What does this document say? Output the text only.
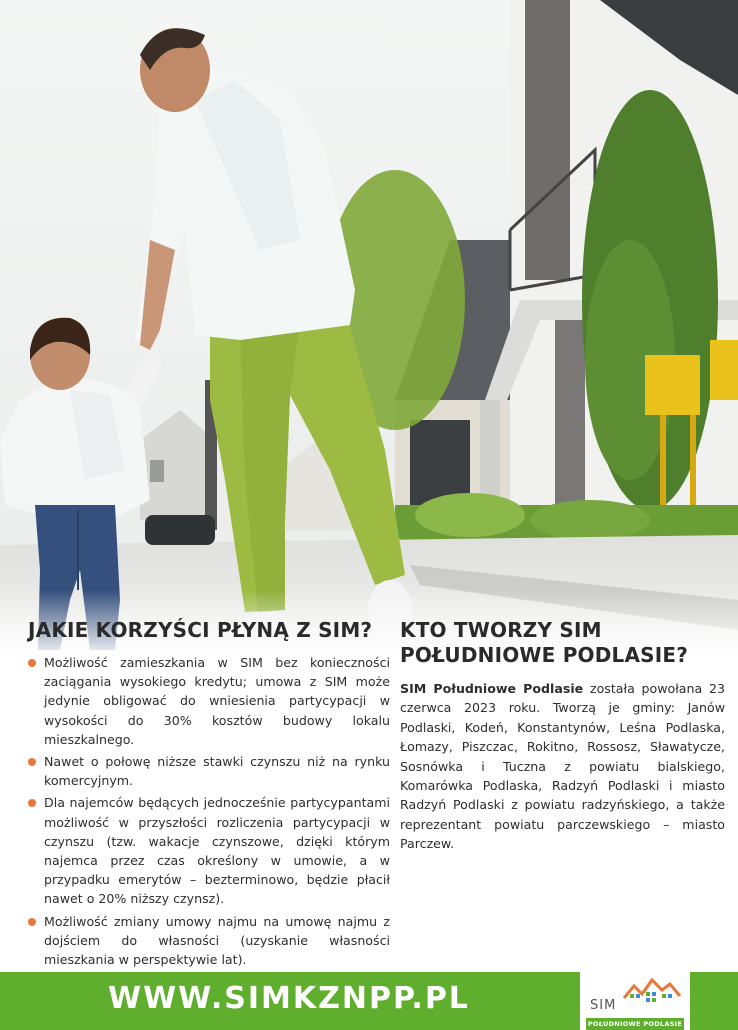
JAKIE KORZYŚCI PŁYNĄ Z SIM?
Możliwość zamieszkania w SIM bez konieczności zaciągania wysokiego kredytu; umowa z SIM może jedynie obligować do wniesienia partycypacji w wysokości do 30% kosztów budowy lokalu mieszkalnego.
Nawet o połowę niższe stawki czynszu niż na rynku komercyjnym.
Dla najemców będących jednocześnie partycypantami możliwość w przyszłości rozliczenia partycypacji w czynszu (tzw. wakacje czynszowe, dzięki którym najemca przez czas określony w umowie, a w przypadku emerytów – bezterminowo, będzie płacił nawet o 20% niższy czynsz).
Możliwość zmiany umowy najmu na umowę najmu z dojściem do własności (uzyskanie własności mieszkania w perspektywie lat).
KTO TWORZY SIM
POŁUDNIOWE PODLASIE?

SIM Południowe Podlasie została powołana 23 czerwca 2023 roku. Tworzą je gminy: Janów Podlaski, Kodeń, Konstantynów, Leśna Podlaska, Łomazy, Piszczac, Rokitno, Rossosz, Sławatycze, Sosnówka i Tuczna z powiatu bialskiego, Komarówka Podlaska, Radzyń Podlaski i miasto Radzyń Podlaski z powiatu radzyńskiego, a także reprezentant powiatu parczewskiego – miasto Parczew.

WWW.SIMKZNPP.PL	SIM
POŁUDNIOWE PODLASIE
